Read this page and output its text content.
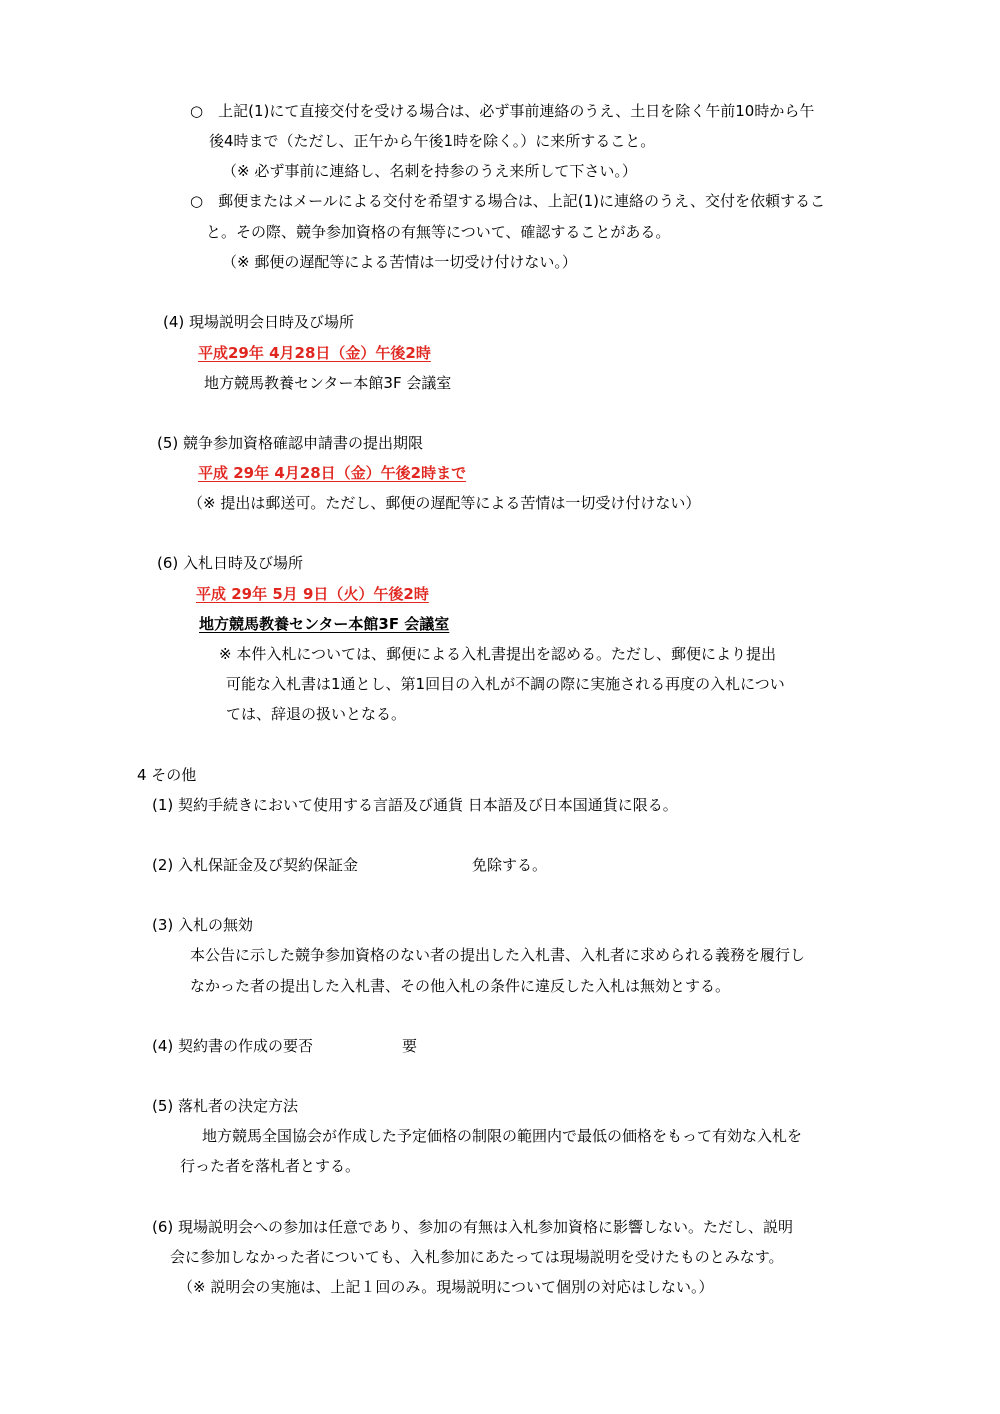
○　上記(1)にて直接交付を受ける場合は、必ず事前連絡のうえ、土日を除く午前10時から午
後4時まで（ただし、正午から午後1時を除く。）に来所すること。
（※ 必ず事前に連絡し、名刺を持参のうえ来所して下さい。）
○　郵便またはメールによる交付を希望する場合は、上記(1)に連絡のうえ、交付を依頼するこ
と。その際、競争参加資格の有無等について、確認することがある。
（※ 郵便の遅配等による苦情は一切受け付けない。）
(4) 現場説明会日時及び場所
平成29年 4月28日（金）午後2時
地方競馬教養センター本館3F 会議室
(5) 競争参加資格確認申請書の提出期限
平成 29年 4月28日（金）午後2時まで
（※ 提出は郵送可。ただし、郵便の遅配等による苦情は一切受け付けない）
(6) 入札日時及び場所
平成 29年 5月 9日（火）午後2時
地方競馬教養センター本館3F 会議室
※ 本件入札については、郵便による入札書提出を認める。ただし、郵便により提出
可能な入札書は1通とし、第1回目の入札が不調の際に実施される再度の入札につい
ては、辞退の扱いとなる。
4 その他
(1) 契約手続きにおいて使用する言語及び通貨 日本語及び日本国通貨に限る。
(2) 入札保証金及び契約保証金	免除する。
(3) 入札の無効
本公告に示した競争参加資格のない者の提出した入札書、入札者に求められる義務を履行し
なかった者の提出した入札書、その他入札の条件に違反した入札は無効とする。
(4) 契約書の作成の要否	要
(5) 落札者の決定方法
地方競馬全国協会が作成した予定価格の制限の範囲内で最低の価格をもって有効な入札を
行った者を落札者とする。
(6) 現場説明会への参加は任意であり、参加の有無は入札参加資格に影響しない。ただし、説明
会に参加しなかった者についても、入札参加にあたっては現場説明を受けたものとみなす。
（※ 説明会の実施は、上記１回のみ。現場説明について個別の対応はしない。）
